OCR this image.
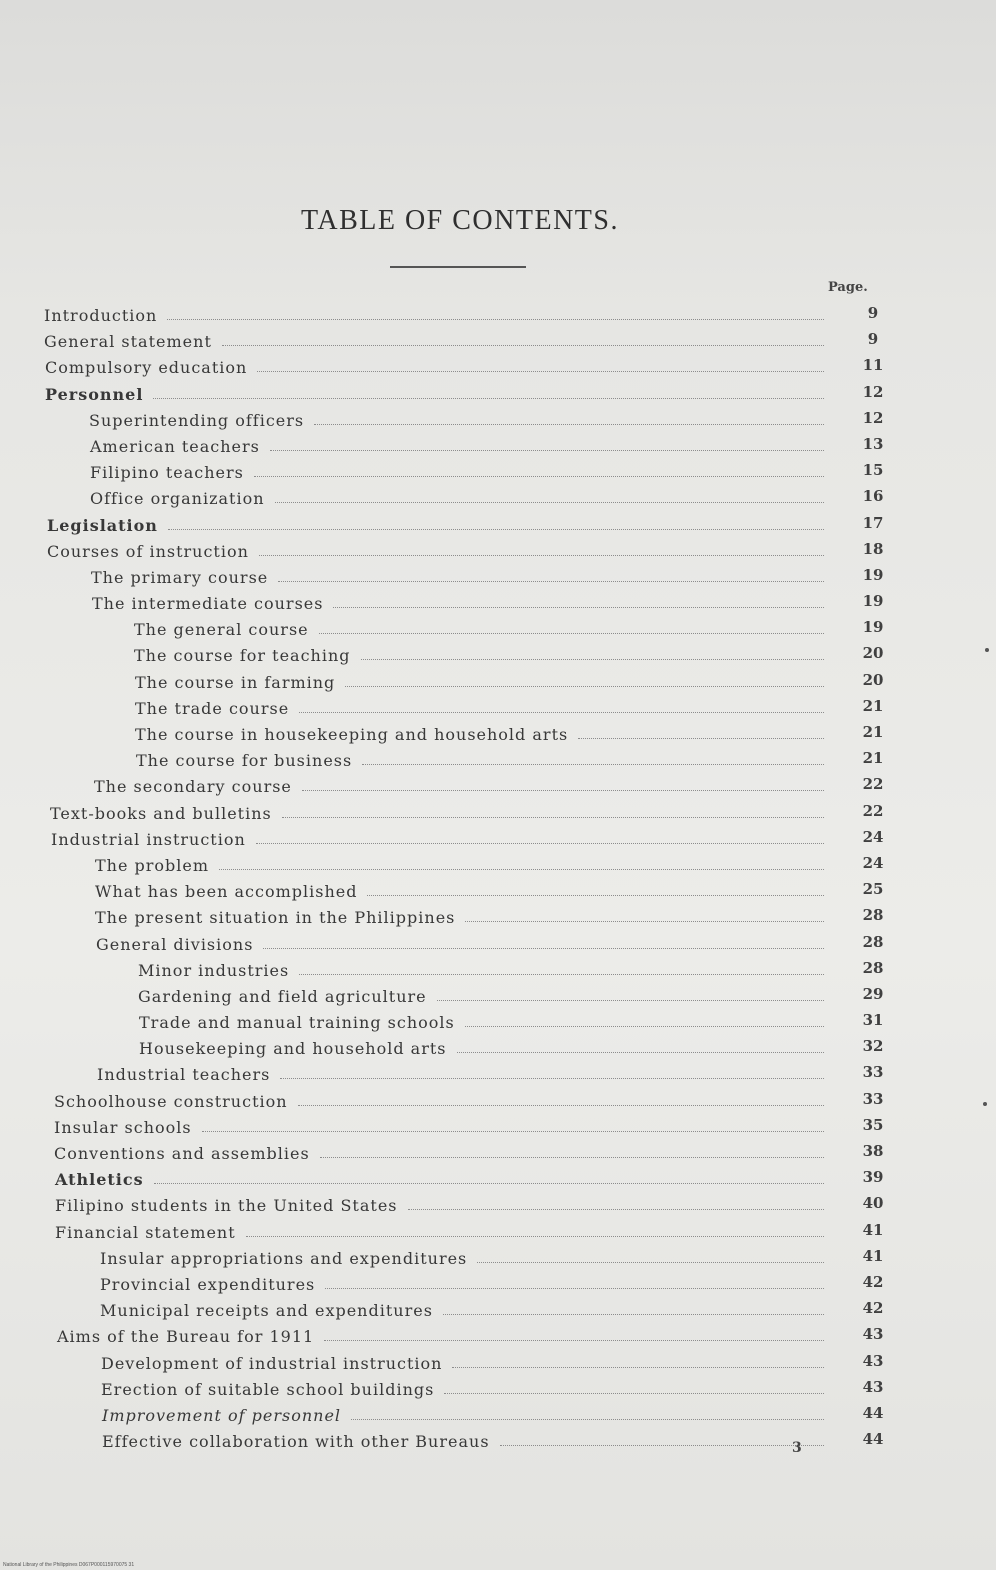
TABLE OF CONTENTS.
Page.
Introduction	9
General statement	9
Compulsory education	11
Personnel	12
Superintending officers	12
American teachers	13
Filipino teachers	15
Office organization	16
Legislation	17
Courses of instruction	18
The primary course	19
The intermediate courses	19
The general course	19
The course for teaching	20
The course in farming	20
The trade course	21
The course in housekeeping and household arts	21
The course for business	21
The secondary course	22
Text-books and bulletins	22
Industrial instruction	24
The problem	24
What has been accomplished	25
The present situation in the Philippines	28
General divisions	28
Minor industries	28
Gardening and field agriculture	29
Trade and manual training schools	31
Housekeeping and household arts	32
Industrial teachers	33
Schoolhouse construction	33
Insular schools	35
Conventions and assemblies	38
Athletics	39
Filipino students in the United States	40
Financial statement	41
Insular appropriations and expenditures	41
Provincial expenditures	42
Municipal receipts and expenditures	42
Aims of the Bureau for 1911	43
Development of industrial instruction	43
Erection of suitable school buildings	43
Improvement of personnel	44
Effective collaboration with other Bureaus	44
3
National Library of the Philippines D067P000115970075 31
